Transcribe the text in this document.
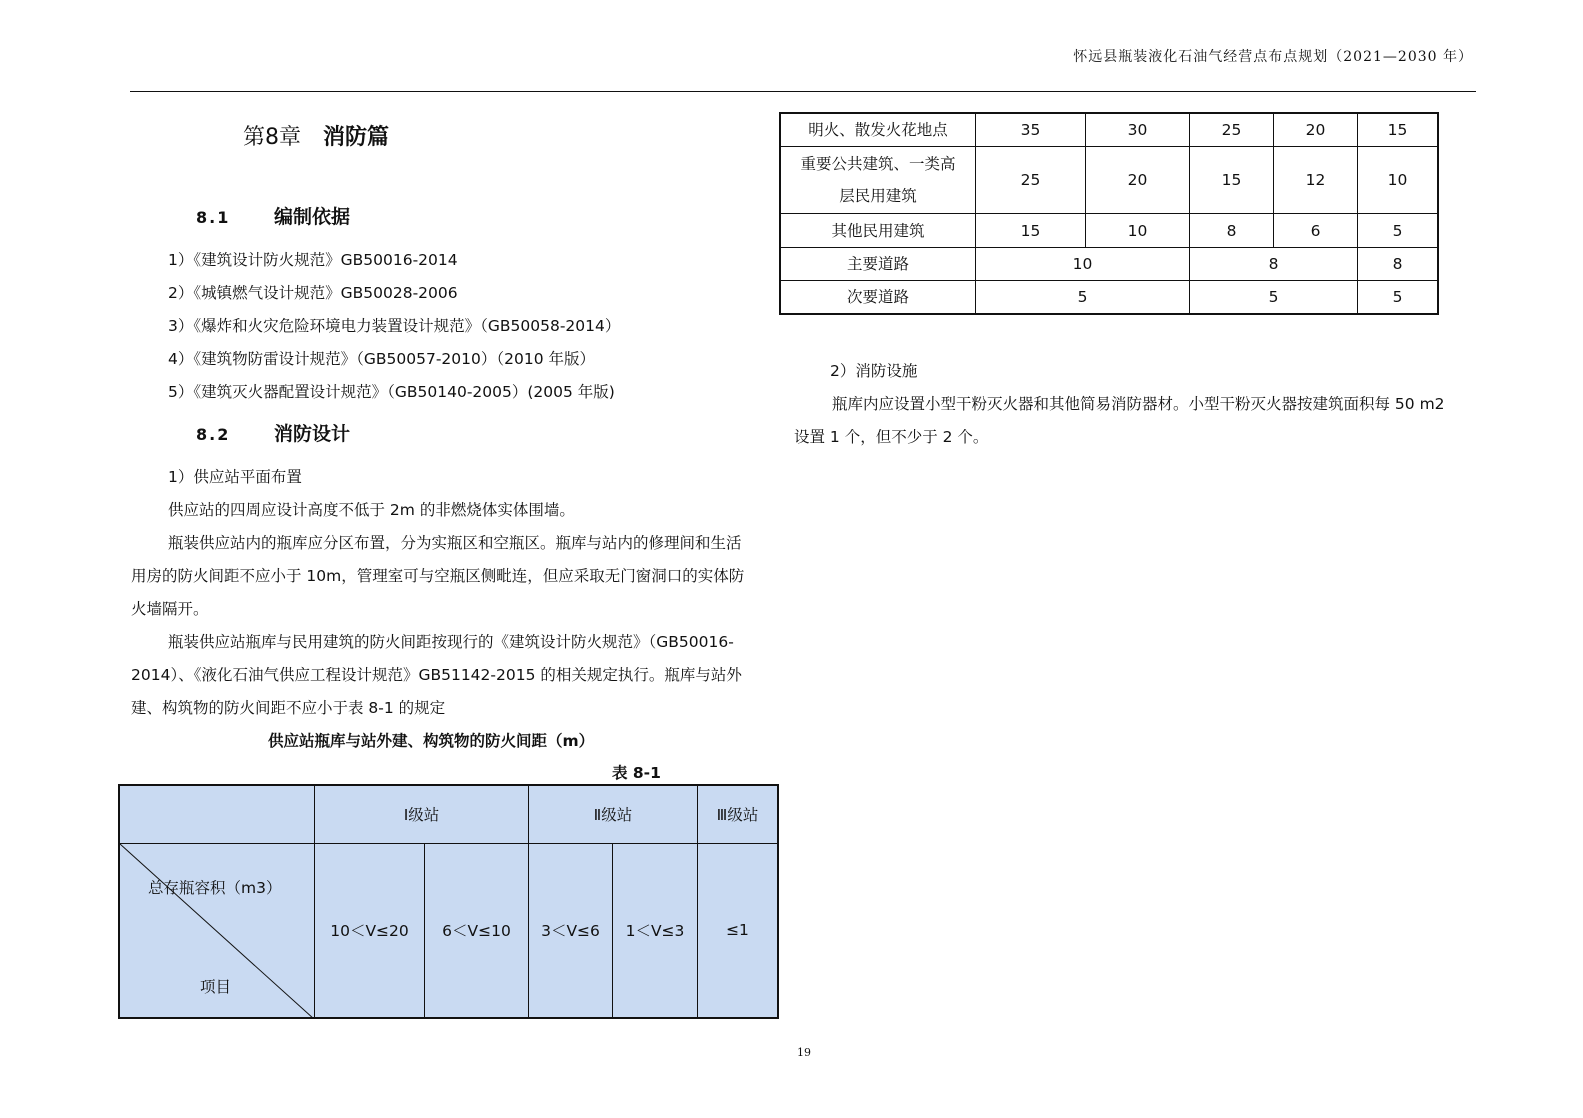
怀远县瓶装液化石油气经营点布点规划（2021—2030 年）
第8章 消防篇
8.1 编制依据
1）《建筑设计防火规范》GB50016-2014
2）《城镇燃气设计规范》GB50028-2006
3）《爆炸和火灾危险环境电力装置设计规范》（GB50058-2014）
4）《建筑物防雷设计规范》（GB50057-2010）（2010 年版）
5）《建筑灭火器配置设计规范》（GB50140-2005）(2005 年版)
8.2 消防设计
1）供应站平面布置
供应站的四周应设计高度不低于 2m 的非燃烧体实体围墙。
瓶装供应站内的瓶库应分区布置，分为实瓶区和空瓶区。瓶库与站内的修理间和生活
用房的防火间距不应小于 10m，管理室可与空瓶区侧毗连，但应采取无门窗洞口的实体防
火墙隔开。
瓶装供应站瓶库与民用建筑的防火间距按现行的《建筑设计防火规范》（GB50016-
2014）、《液化石油气供应工程设计规范》GB51142-2015 的相关规定执行。瓶库与站外
建、构筑物的防火间距不应小于表 8-1 的规定
供应站瓶库与站外建、构筑物的防火间距（m）
表 8-1
	Ⅰ级站		Ⅱ级站		Ⅲ级站

总存瓶容积（m3）
项目	10＜V≤20	6＜V≤10	3＜V≤6	1＜V≤3	≤1
明火、散发火花地点	35	30	25	20	15

重要公共建筑、一类高
层民用建筑	25	20	15	12	10
其他民用建筑	15	10	8	6	5
主要道路	10		8		8
次要道路	5		5		5
2）消防设施
瓶库内应设置小型干粉灭火器和其他简易消防器材。小型干粉灭火器按建筑面积每 50 m2
设置 1 个，但不少于 2 个。
19
